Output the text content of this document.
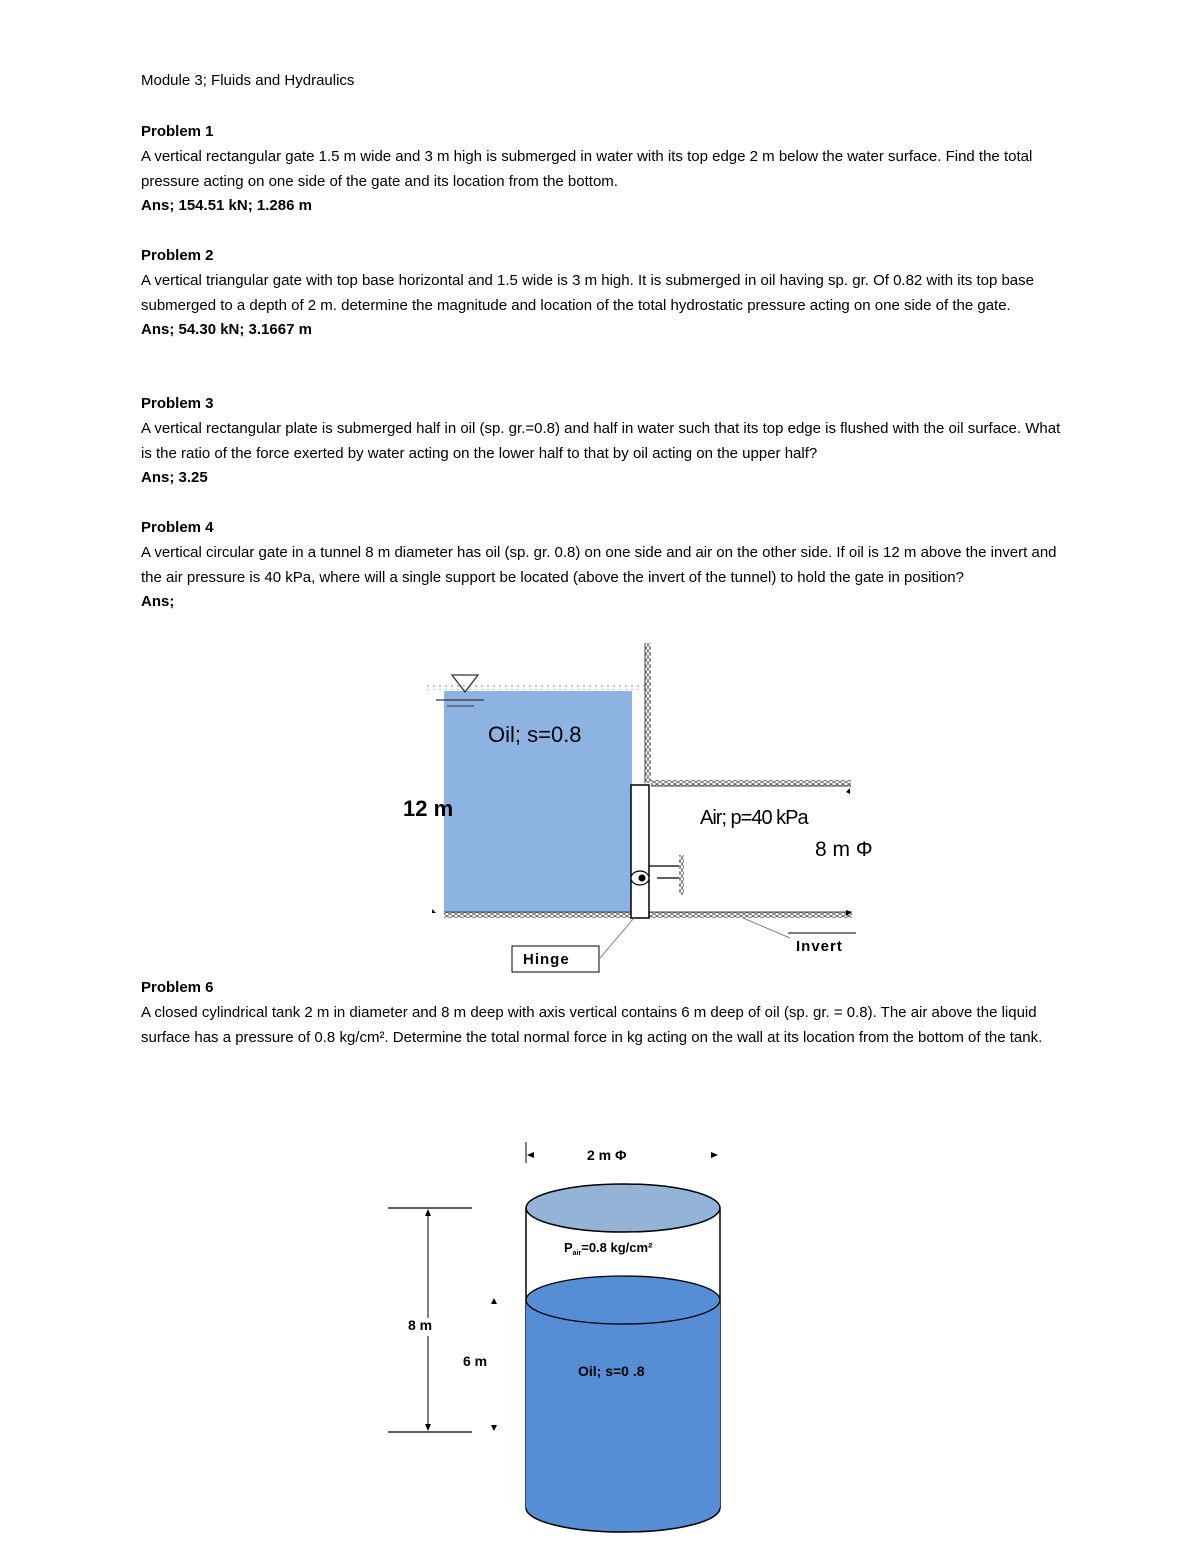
Module 3; Fluids and Hydraulics
Problem 1
A vertical rectangular gate 1.5 m wide and 3 m high is submerged in water with its top edge 2 m below the water surface. Find the total pressure acting on one side of the gate and its location from the bottom.
Ans; 154.51 kN; 1.286 m
Problem 2
A vertical triangular gate with top base horizontal and 1.5 wide is 3 m high. It is submerged in oil having sp. gr. Of 0.82 with its top base submerged to a depth of 2 m. determine the magnitude and location of the total hydrostatic pressure acting on one side of the gate.
Ans; 54.30 kN; 3.1667 m
Problem 3
A vertical rectangular plate is submerged half in oil (sp. gr.=0.8) and half in water such that its top edge is flushed with the oil surface. What is the ratio of the force exerted by water acting on the lower half to that by oil acting on the upper half?
Ans; 3.25
Problem 4
A vertical circular gate in a tunnel 8 m diameter has oil (sp. gr. 0.8) on one side and air on the other side. If oil is 12 m above the invert and the air pressure is 40 kPa, where will a single support be located (above the invert of the tunnel) to hold the gate in position?
Ans;
Oil; s=0.8
12 m	Air; p=40 kPa
8 m Φ
Invert
Hinge
Problem 6
A closed cylindrical tank 2 m in diameter and 8 m deep with axis vertical contains 6 m deep of oil (sp. gr. = 0.8). The air above the liquid surface has a pressure of 0.8 kg/cm². Determine the total normal force in kg acting on the wall at its location from the bottom of the tank.
2 m Φ
$P_{air}=0.8$ kg/cm²
Oil; s=0 .8
8 m
6 m
